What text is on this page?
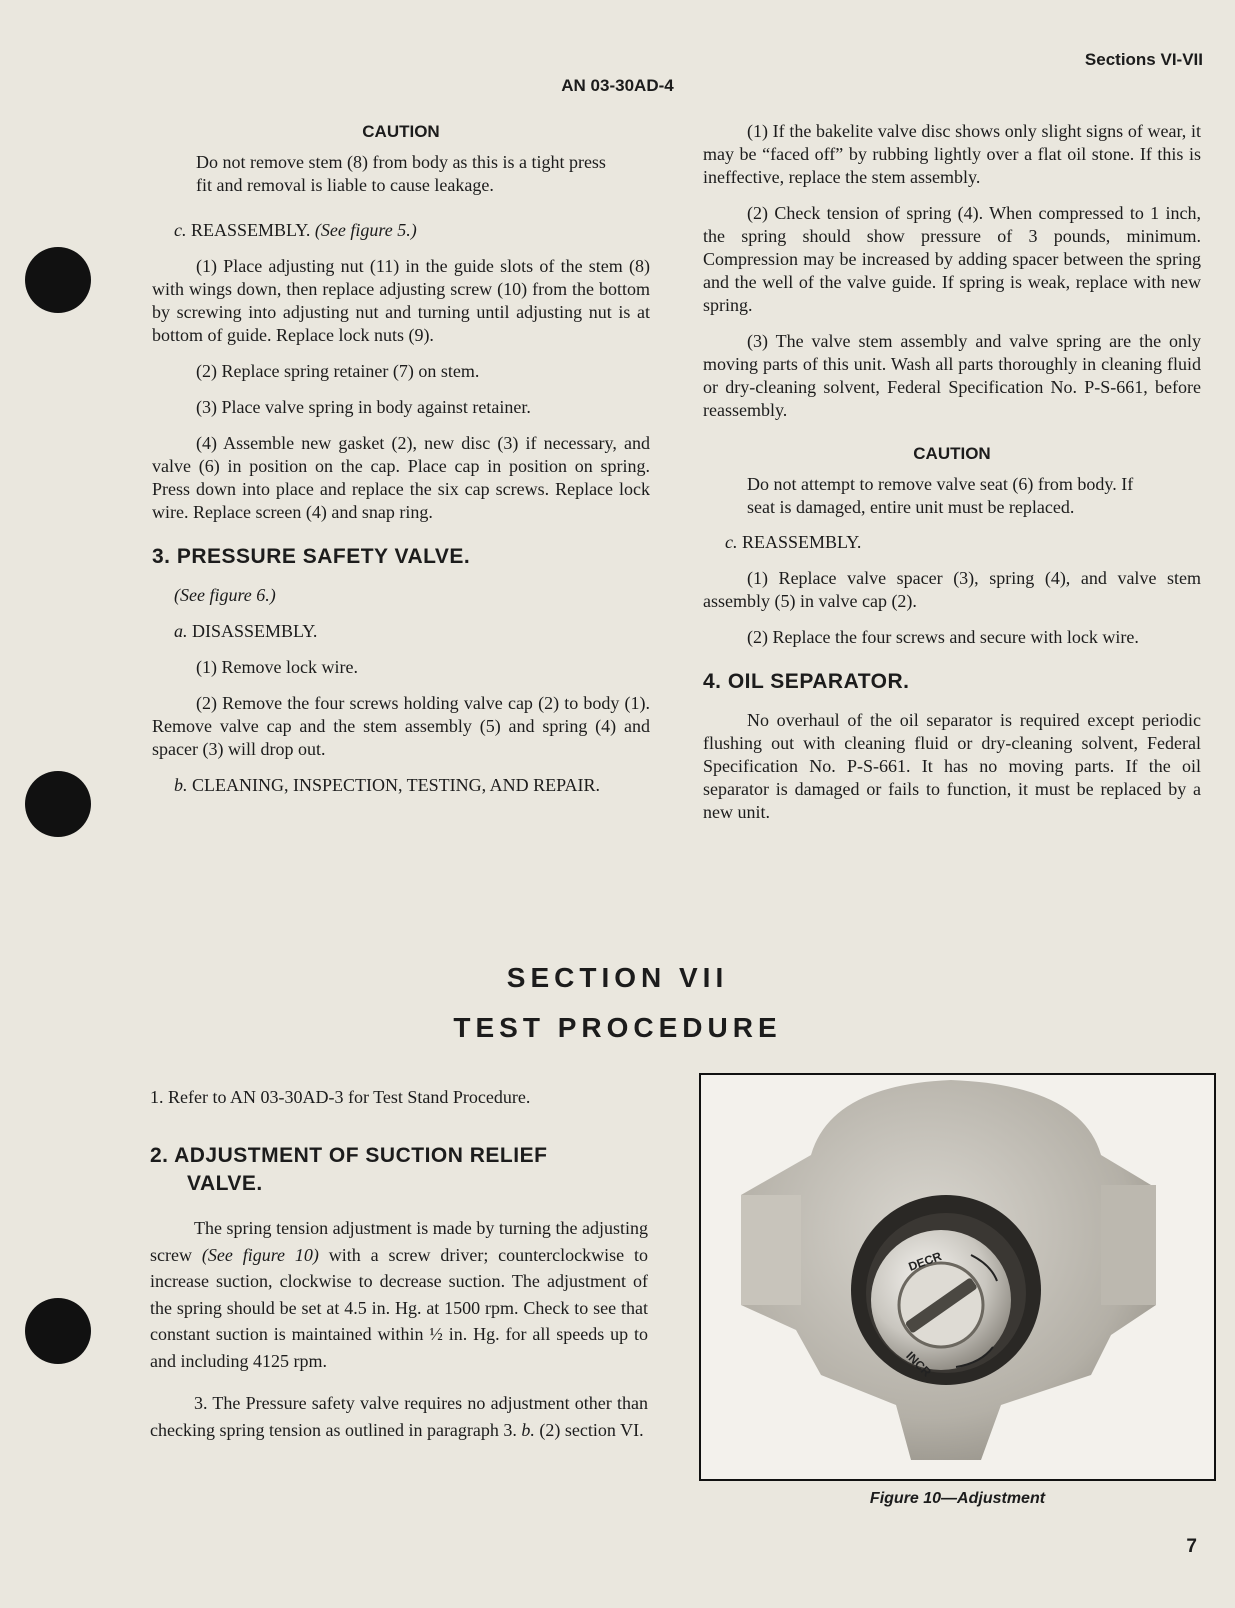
Sections VI-VII
AN 03-30AD-4
CAUTION

Do not remove stem (8) from body as this is a tight press fit and removal is liable to cause leakage.

c. REASSEMBLY. (See figure 5.)

(1) Place adjusting nut (11) in the guide slots of the stem (8) with wings down, then replace adjusting screw (10) from the bottom by screwing into adjusting nut and turning until adjusting nut is at bottom of guide. Replace lock nuts (9).

(2) Replace spring retainer (7) on stem.

(3) Place valve spring in body against retainer.

(4) Assemble new gasket (2), new disc (3) if necessary, and valve (6) in position on the cap. Place cap in position on spring. Press down into place and replace the six cap screws. Replace lock wire. Replace screen (4) and snap ring.

3. PRESSURE SAFETY VALVE.

(See figure 6.)

a. DISASSEMBLY.

(1) Remove lock wire.

(2) Remove the four screws holding valve cap (2) to body (1). Remove valve cap and the stem assembly (5) and spring (4) and spacer (3) will drop out.

b. CLEANING, INSPECTION, TESTING, AND REPAIR.

(1) If the bakelite valve disc shows only slight signs of wear, it may be “faced off” by rubbing lightly over a flat oil stone. If this is ineffective, replace the stem assembly.

(2) Check tension of spring (4). When compressed to 1 inch, the spring should show pressure of 3 pounds, minimum. Compression may be increased by adding spacer between the spring and the well of the valve guide. If spring is weak, replace with new spring.

(3) The valve stem assembly and valve spring are the only moving parts of this unit. Wash all parts thoroughly in cleaning fluid or dry-cleaning solvent, Federal Specification No. P-S-661, before reassembly.

CAUTION

Do not attempt to remove valve seat (6) from body. If seat is damaged, entire unit must be replaced.

c. REASSEMBLY.

(1) Replace valve spacer (3), spring (4), and valve stem assembly (5) in valve cap (2).

(2) Replace the four screws and secure with lock wire.

4. OIL SEPARATOR.

No overhaul of the oil separator is required except periodic flushing out with cleaning fluid or dry-cleaning solvent, Federal Specification No. P-S-661. It has no moving parts. If the oil separator is damaged or fails to function, it must be replaced by a new unit.

SECTION VII
TEST PROCEDURE

1. Refer to AN 03-30AD-3 for Test Stand Procedure.

2. ADJUSTMENT OF SUCTION RELIEF

VALVE.

The spring tension adjustment is made by turning the adjusting screw (See figure 10) with a screw driver; counterclockwise to increase suction, clockwise to decrease suction. The adjustment of the spring should be set at 4.5 in. Hg. at 1500 rpm. Check to see that constant suction is maintained within ½ in. Hg. for all speeds up to and including 4125 rpm.

3. The Pressure safety valve requires no adjustment other than checking spring tension as outlined in paragraph 3. b. (2) section VI.

DECR
INCR
Figure 10—Adjustment
7
